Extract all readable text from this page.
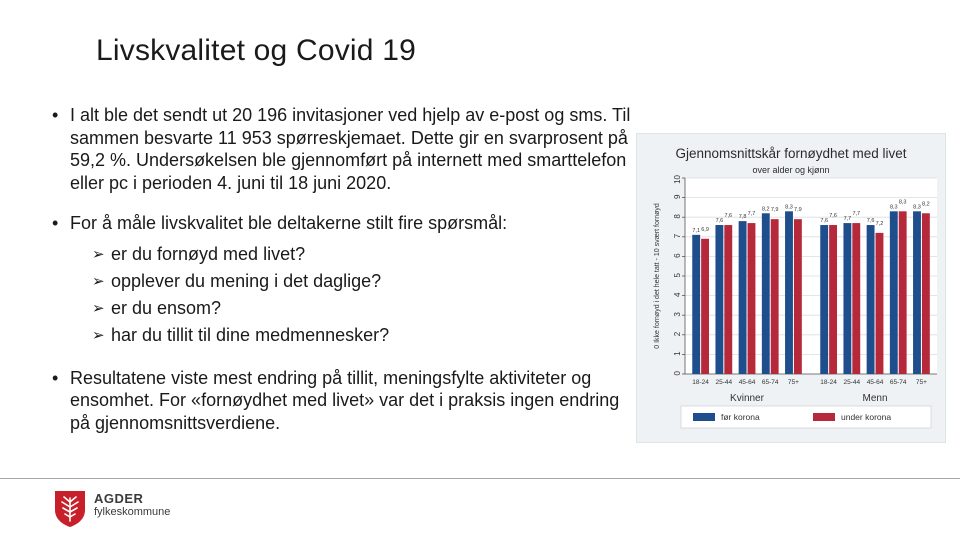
Livskvalitet og Covid 19
• I alt ble det sendt ut 20 196 invitasjoner ved hjelp av e-post og sms. Til sammen besvarte 11 953 spørreskjemaet. Dette gir en svarprosent på 59,2 %. Undersøkelsen ble gjennomført på internett med smarttelefon eller pc i perioden 4. juni til 18 juni 2020.
• For å måle livskvalitet ble deltakerne stilt fire spørsmål:
➢ er du fornøyd med livet?
➢ opplever du mening i det daglige?
➢ er du ensom?
➢ har du tillit til dine medmennesker?
• Resultatene viste mest endring på tillit, meningsfylte aktiviteter og ensomhet. For «fornøydhet med livet» var det i praksis ingen endring på gjennomsnittsverdiene.
Gjennomsnittskår fornøydhet med livet
over alder og kjønn
0
1
2
3
4
5
6
7
8
9
10
0 Ikke fornøyd i det hele tatt - 10 svært fornøyd	7,1
7,6
7,8
8,2	8,3
7,6	7,7	7,6
8,3	8,3
6,9
7,6	7,7
7,9	7,9
7,6	7,7
7,2
8,3	8,2
18-24 25-44 45-64 65-74 75+	18-24 25-44 45-64 65-74 75+
Kvinner	Menn
før korona	under korona
AGDER
fylkeskommune
